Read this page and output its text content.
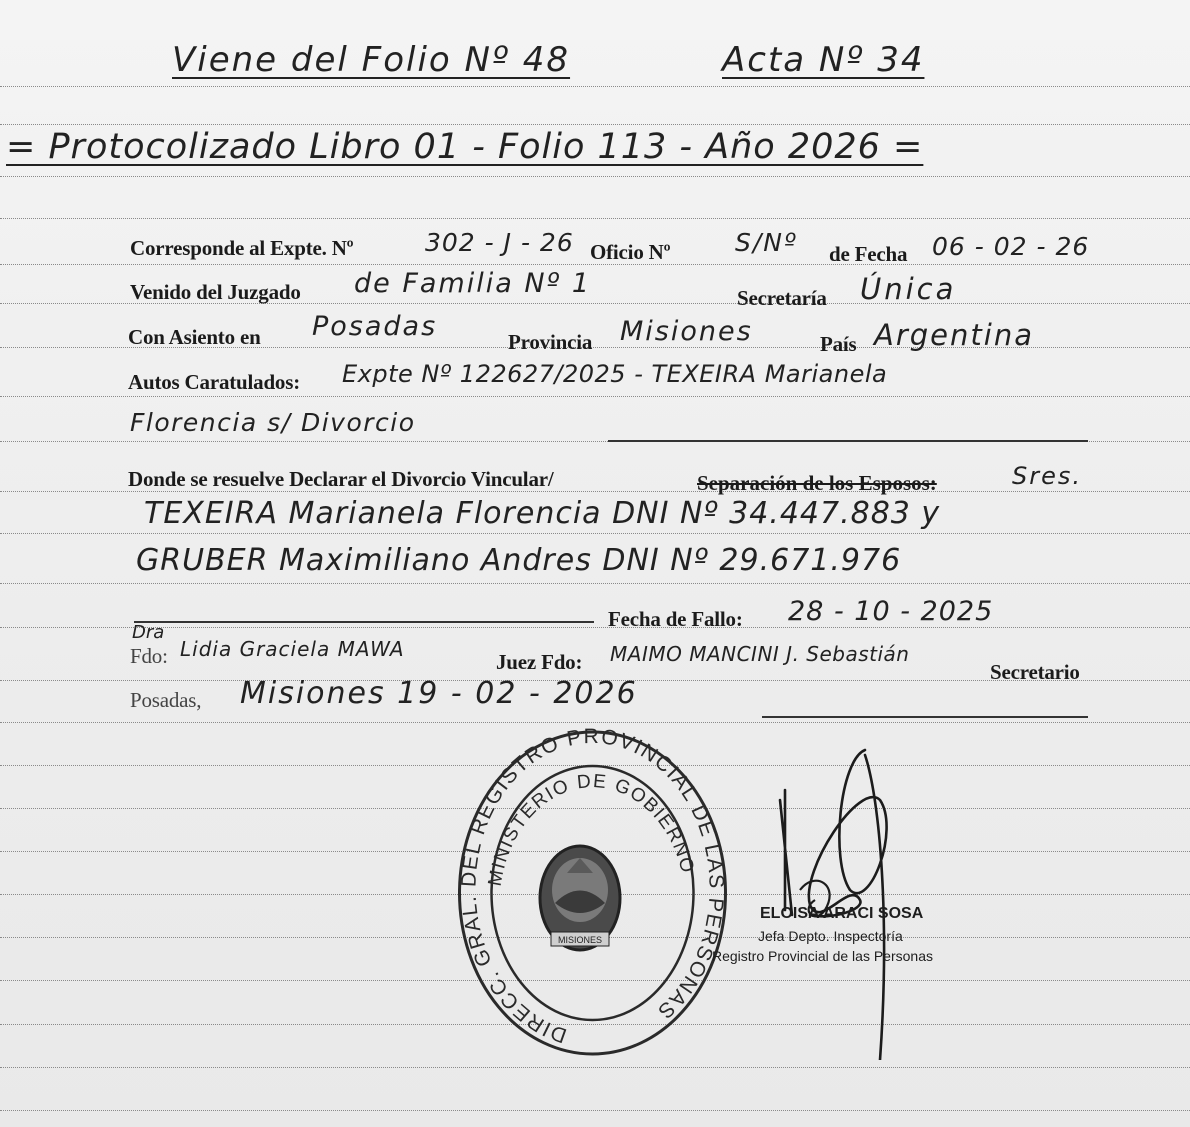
Viene del Folio Nº 48	Acta Nº 34
= Protocolizado Libro 01 - Folio 113 - Año 2026 =
Corresponde al Expte. Nº	302 - J - 26 Oficio Nº	S/Nº de Fecha 06 - 02 - 26
Venido del Juzgado de Familia Nº 1	Secretaría Única
Con Asiento en Posadas	Provincia Misiones	País Argentina
Autos Caratulados: Expte Nº 122627/2025 - TEXEIRA Marianela
Florencia s/ Divorcio
Donde se resuelve Declarar el Divorcio Vincular/	Separación de los Esposos:	Sres.
TEXEIRA Marianela Florencia DNI Nº 34.447.883 y
GRUBER Maximiliano Andres DNI Nº 29.671.976
Fecha de Fallo: 28 - 10 - 2025
Dra
Fdo: Lidia Graciela MAWA
Juez Fdo: MAIMO MANCINI J. Sebastián
Secretario
Posadas, Misiones 19 - 02 - 2026
DIRECC. GRAL. DEL REGISTRO PROVINCIAL DE LAS PERSONAS
MINISTERIO DE GOBIERNO
MISIONES
ELOISA ARACI SOSA
Jefa Depto. Inspectoría
Registro Provincial de las Personas
